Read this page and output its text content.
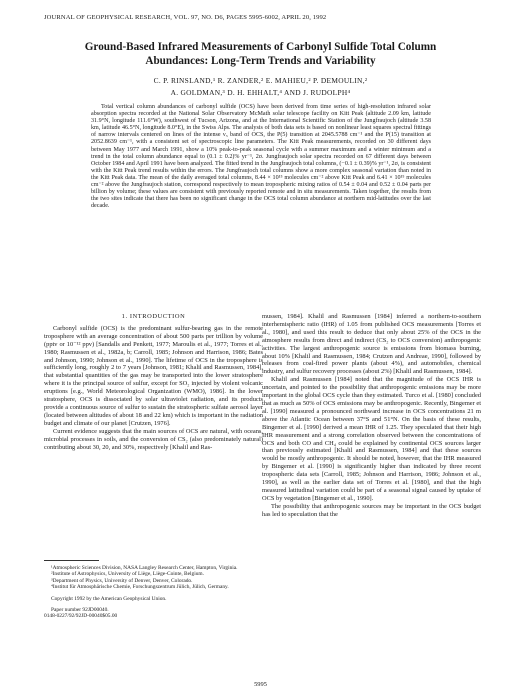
JOURNAL OF GEOPHYSICAL RESEARCH, VOL. 97, NO. D6, PAGES 5995-6002, APRIL 20, 1992
Ground-Based Infrared Measurements of Carbonyl Sulfide Total Column
Abundances: Long-Term Trends and Variability
C. P. RINSLAND,¹ R. ZANDER,² E. MAHIEU,² P. DEMOULIN,²
A. GOLDMAN,³ D. H. EHHALT,⁴ AND J. RUDOLPH⁴

Total vertical column abundances of carbonyl sulfide (OCS) have been derived from time series of high-resolution infrared solar absorption spectra recorded at the National Solar Observatory McMath solar telescope facility on Kitt Peak (altitude 2.09 km, latitude 31.9°N, longitude 111.6°W), southwest of Tucson, Arizona, and at the International Scientific Station of the Jungfraujoch (altitude 3.58 km, latitude 46.5°N, longitude 8.0°E), in the Swiss Alps. The analysis of both data sets is based on nonlinear least squares spectral fittings of narrow intervals centered on lines of the intense ν₃ band of OCS, the P(5) transition at 2045.5788 cm⁻¹ and the P(15) transition at 2052.8639 cm⁻¹, with a consistent set of spectroscopic line parameters. The Kitt Peak measurements, recorded on 30 different days between May 1977 and March 1991, show a 10% peak-to-peak seasonal cycle with a summer maximum and a winter minimum and a trend in the total column abundance equal to (0.1 ± 0.2)% yr⁻¹, 2σ. Jungfraujoch solar spectra recorded on 67 different days between October 1984 and April 1991 have been analyzed. The fitted trend in the Jungfraujoch total columns, (−0.1 ± 0.39)% yr⁻¹, 2σ, is consistent with the Kitt Peak trend results within the errors. The Jungfraujoch total columns show a more complex seasonal variation than noted in the Kitt Peak data. The mean of the daily averaged total columns, 8.44 × 10¹⁵ molecules cm⁻² above Kitt Peak and 6.41 × 10¹⁵ molecules cm⁻² above the Jungfraujoch station, correspond respectively to mean tropospheric mixing ratios of 0.54 ± 0.04 and 0.52 ± 0.04 parts per billion by volume; these values are consistent with previously reported remote and in situ measurements. Taken together, the results from the two sites indicate that there has been no significant change in the OCS total column abundance at northern mid-latitudes over the last decade.

1. INTRODUCTION

Carbonyl sulfide (OCS) is the predominant sulfur-bearing gas in the remote troposphere with an average concentration of about 500 parts per trillion by volume (pptv or 10⁻¹² ppv) [Sandalls and Penkett, 1977; Maroulis et al., 1977; Torres et al., 1980; Rasmussen et al., 1982a, b; Carroll, 1985; Johnson and Harrison, 1986; Bates and Johnson, 1990; Johnson et al., 1990]. The lifetime of OCS in the troposphere is sufficiently long, roughly 2 to 7 years [Johnson, 1981; Khalil and Rasmussen, 1984], that substantial quantities of the gas may be transported into the lower stratosphere where it is the principal source of sulfur, except for SO₂ injected by violent volcanic eruptions [e.g., World Meteorological Organization (WMO), 1986]. In the lower stratosphere, OCS is dissociated by solar ultraviolet radiation, and its products provide a continuous source of sulfur to sustain the stratospheric sulfate aerosol layer (located between altitudes of about 18 and 22 km) which is important in the radiation budget and climate of our planet [Crutzen, 1976].

Current evidence suggests that the main sources of OCS are natural, with oceans, microbial processes in soils, and the conversion of CS₂ (also predominately natural) contributing about 30, 20, and 30%, respectively [Khalil and Ras-

¹Atmospheric Sciences Division, NASA Langley Research Center, Hampton, Virginia.

²Institute of Astrophysics, University of Liège, Liège-Cointe, Belgium.

³Department of Physics, University of Denver, Denver, Colorado.

⁴Institut für Atmosphärische Chemie, Forschungszentrum Jülich, Jülich, Germany.

Copyright 1992 by the American Geophysical Union.

Paper number 92JD00040.

0148-0227/92/92JD-00040$05.00

mussen, 1984]. Khalil and Rasmussen [1984] inferred a northern-to-southern interhemispheric ratio (IHR) of 1.05 from published OCS measurements [Torres et al., 1980], and used this result to deduce that only about 25% of the OCS in the atmosphere results from direct and indirect (CS₂ to OCS conversion) anthropogenic activities. The largest anthropogenic source is emissions from biomass burning, about 10% [Khalil and Rasmussen, 1984; Crutzen and Andreae, 1990], followed by releases from coal-fired power plants (about 4%), and automobiles, chemical industry, and sulfur recovery processes (about 2%) [Khalil and Rasmussen, 1984].

Khalil and Rasmussen [1984] noted that the magnitude of the OCS IHR is uncertain, and pointed to the possibility that anthropogenic emissions may be more important in the global OCS cycle than they estimated. Turco et al. [1980] concluded that as much as 50% of OCS emissions may be anthropogenic. Recently, Bingemer et al. [1990] measured a pronounced northward increase in OCS concentrations 21 m above the Atlantic Ocean between 37°S and 51°N. On the basis of these results, Bingemer et al. [1990] derived a mean IHR of 1.25. They speculated that their high IHR measurement and a strong correlation observed between the concentrations of OCS and both CO and CH₄ could be explained by continental OCS sources larger than previously estimated [Khalil and Rasmussen, 1984] and that these sources would be mostly anthropogenic. It should be noted, however, that the IHR measured by Bingemer et al. [1990] is significantly higher than indicated by three recent tropospheric data sets [Carroll, 1985; Johnson and Harrison, 1986; Johnson et al., 1990], as well as the earlier data set of Torres et al. [1980], and that the high measured latitudinal variation could be part of a seasonal signal caused by uptake of OCS by vegetation [Bingemer et al., 1990].

The possibility that anthropogenic sources may be important in the OCS budget has led to speculation that the

5995
